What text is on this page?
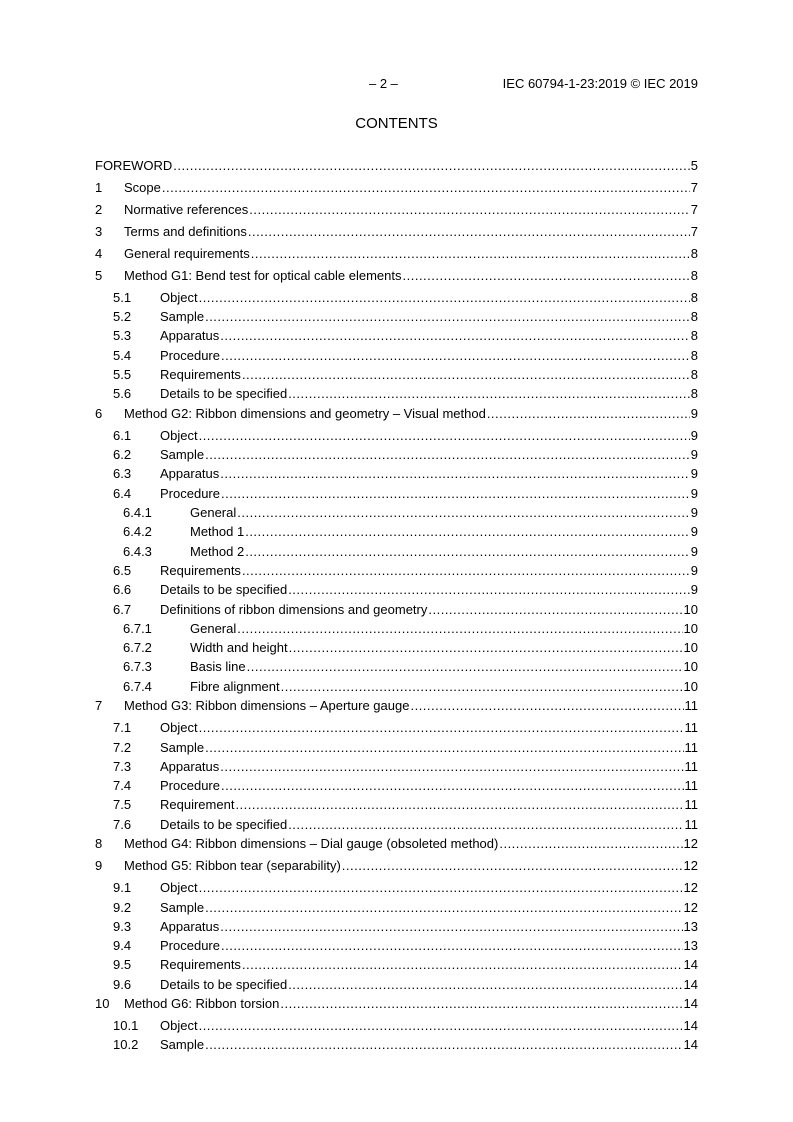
– 2 –	IEC 60794-1-23:2019 © IEC 2019
CONTENTS
FOREWORD .....	5
1	Scope .....	7
2	Normative references .....	7
3	Terms and definitions .....	7
4	General requirements .....	8
5	Method G1: Bend test for optical cable elements .....	8
5.1	Object .....	8
5.2	Sample .....	8
5.3	Apparatus .....	8
5.4	Procedure .....	8
5.5	Requirements .....	8
5.6	Details to be specified .....	8
6	Method G2: Ribbon dimensions and geometry – Visual method .....	9
6.1	Object .....	9
6.2	Sample .....	9
6.3	Apparatus .....	9
6.4	Procedure .....	9
6.4.1	General .....	9
6.4.2	Method 1 .....	9
6.4.3	Method 2 .....	9
6.5	Requirements .....	9
6.6	Details to be specified .....	9
6.7	Definitions of ribbon dimensions and geometry .....	10
6.7.1	General .....	10
6.7.2	Width and height .....	10
6.7.3	Basis line .....	10
6.7.4	Fibre alignment .....	10
7	Method G3: Ribbon dimensions – Aperture gauge .....	11
7.1	Object .....	11
7.2	Sample .....	11
7.3	Apparatus .....	11
7.4	Procedure .....	11
7.5	Requirement .....	11
7.6	Details to be specified .....	11
8	Method G4: Ribbon dimensions – Dial gauge (obsoleted method) .....	12
9	Method G5: Ribbon tear (separability) .....	12
9.1	Object .....	12
9.2	Sample .....	12
9.3	Apparatus .....	13
9.4	Procedure .....	13
9.5	Requirements .....	14
9.6	Details to be specified .....	14
10	Method G6: Ribbon torsion .....	14
10.1	Object .....	14
10.2	Sample .....	14
